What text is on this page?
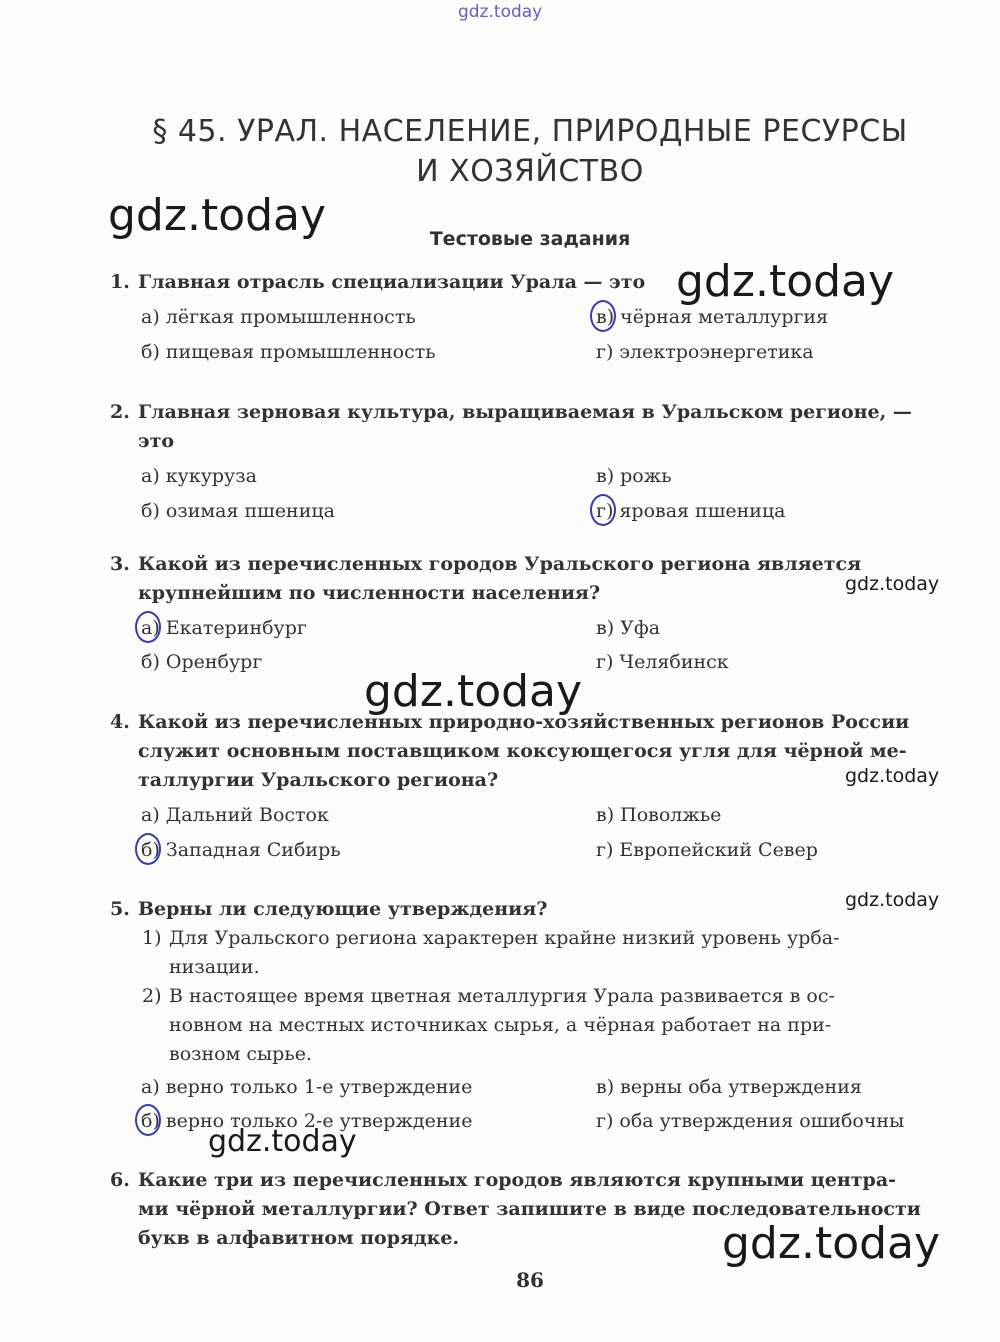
gdz.today
gdz.today
gdz.today
gdz.today
gdz.today
gdz.today
gdz.today
gdz.today
gdz.today
§ 45. УРАЛ. НАСЕЛЕНИЕ, ПРИРОДНЫЕ РЕСУРСЫ
И ХОЗЯЙСТВО
Тестовые задания
1. Главная отрасль специализации Урала — это
а) лёгкая промышленность
б) пищевая промышленность
в) чёрная металлургия
г) электроэнергетика
2. Главная зерновая культура, выращиваемая в Уральском регионе, —
это
а) кукуруза
б) озимая пшеница
в) рожь
г) яровая пшеница
3. Какой из перечисленных городов Уральского региона является
крупнейшим по численности населения?
а) Екатеринбург
б) Оренбург
в) Уфа
г) Челябинск
4. Какой из перечисленных природно-хозяйственных регионов России
служит основным поставщиком коксующегося угля для чёрной ме-
таллургии Уральского региона?
а) Дальний Восток
б) Западная Сибирь
в) Поволжье
г) Европейский Север
5. Верны ли следующие утверждения?
1) Для Уральского региона характерен крайне низкий уровень урба-
низации.
2) В настоящее время цветная металлургия Урала развивается в ос-
новном на местных источниках сырья, а чёрная работает на при-
возном сырье.
а) верно только 1-е утверждение
б) верно только 2-е утверждение
в) верны оба утверждения
г) оба утверждения ошибочны
6. Какие три из перечисленных городов являются крупными центра-
ми чёрной металлургии? Ответ запишите в виде последовательности
букв в алфавитном порядке.
86
